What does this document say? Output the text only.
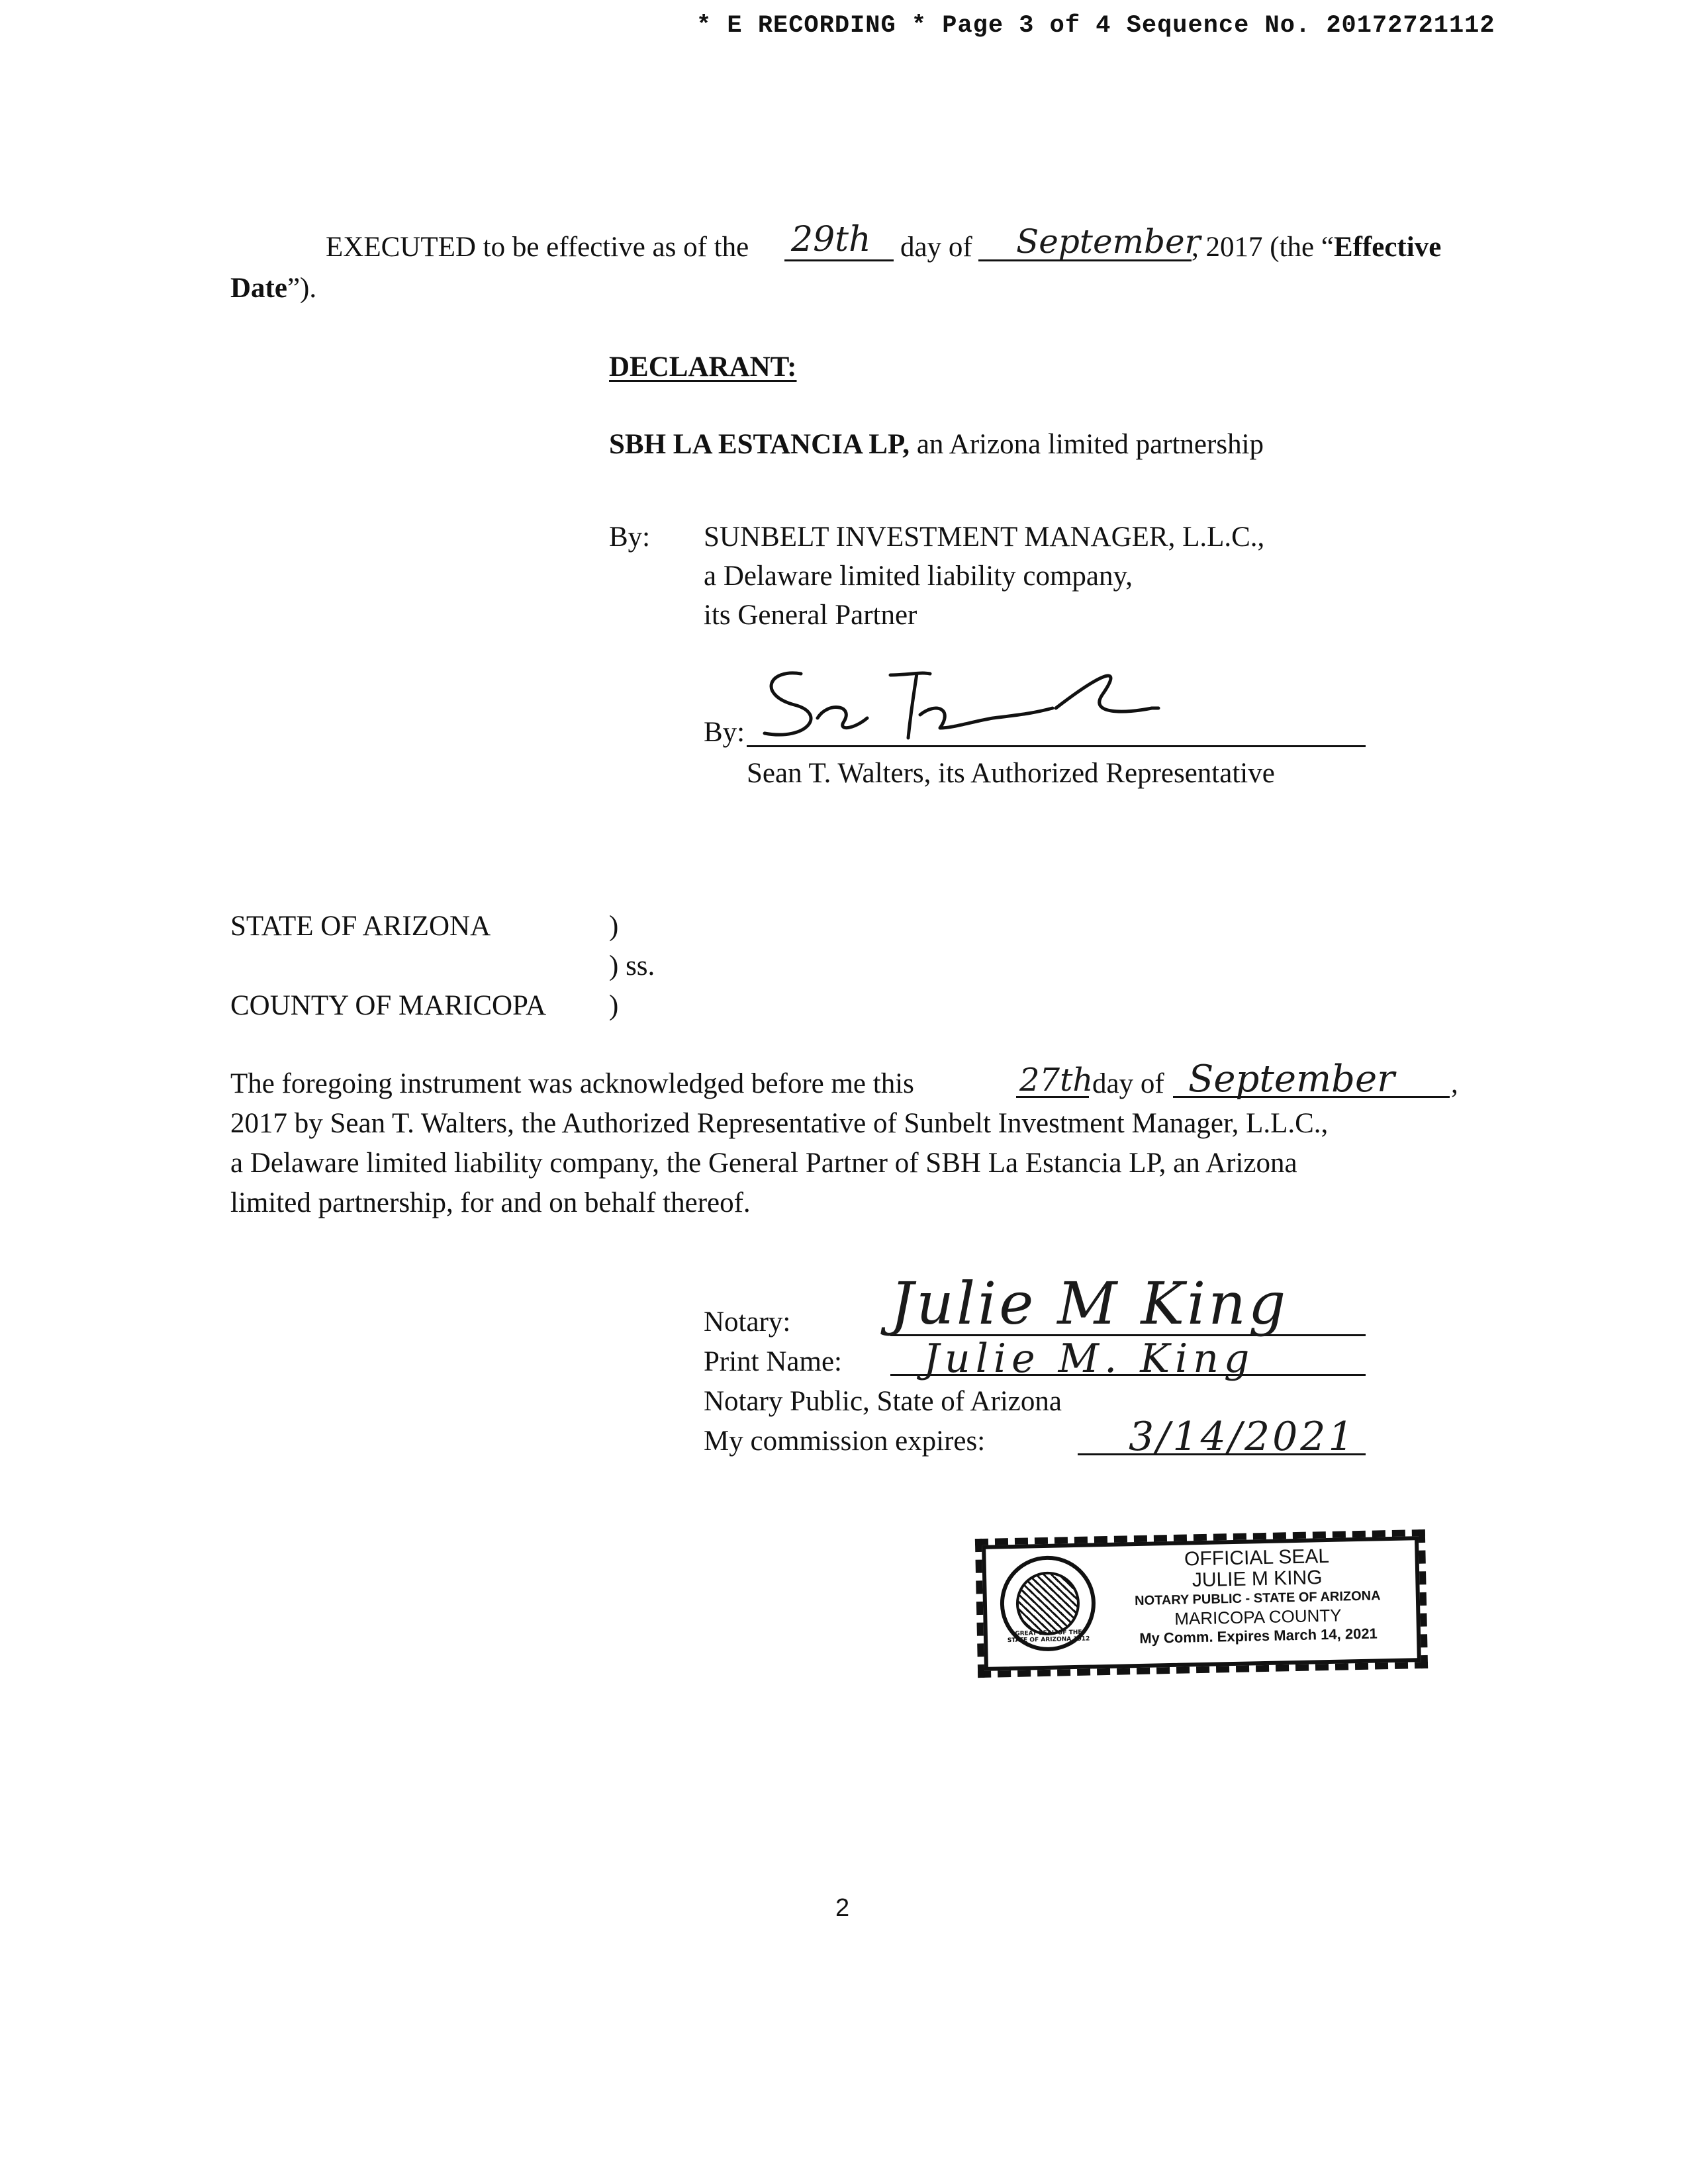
* E RECORDING * Page 3 of 4 Sequence No. 20172721112
EXECUTED to be effective as of the 29th day of September
, 2017 (the “Effective
Date”).
DECLARANT:
SBH LA ESTANCIA LP, an Arizona limited partnership
By: SUNBELT INVESTMENT MANAGER, L.L.C.,
a Delaware limited liability company,
its General Partner
By:
Sean T. Walters, its Authorized Representative
STATE OF ARIZONA	)
) ss.
COUNTY OF MARICOPA )
The foregoing instrument was acknowledged before me this	27th
day of September ,
2017 by Sean T. Walters, the Authorized Representative of Sunbelt Investment Manager, L.L.C.,
a Delaware limited liability company, the General Partner of SBH La Estancia LP, an Arizona
limited partnership, for and on behalf thereof.
Notary: Julie M King
Print Name: Julie M. King
Notary Public, State of Arizona
My commission expires:	3/14/2021
GREAT SEAL OF THE STATE OF ARIZONA 1912
OFFICIAL SEAL
JULIE M KING
NOTARY PUBLIC - STATE OF ARIZONA
MARICOPA COUNTY
My Comm. Expires March 14, 2021
2
